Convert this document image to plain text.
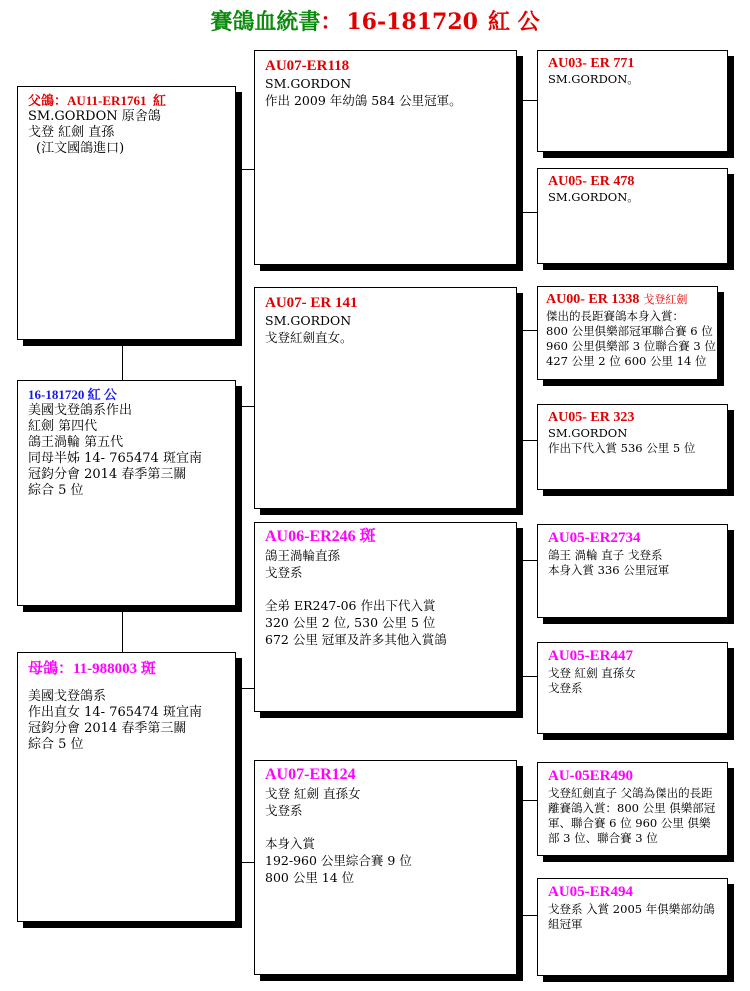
賽鴿血統書： 16-181720 紅 公
父鴿：AU11-ER1761 紅
SM.GORDON 原舍鴿
戈登 紅劍 直孫
(江文國鴿進口)
16-181720 紅 公
美國戈登鴿系作出
紅劍 第四代
鴿王渦輪 第五代
同母半姊 14- 765474 斑宜南
冠鈞分會 2014 春季第三關
綜合 5 位
母鴿：11-988003 斑
美國戈登鴿系
作出直女 14- 765474 斑宜南
冠鈞分會 2014 春季第三關
綜合 5 位
AU07-ER118
SM.GORDON
作出 2009 年幼鴿 584 公里冠軍。
AU07- ER 141
SM.GORDON
戈登紅劍直女。
AU06-ER246 斑
鴿王渦輪直孫
戈登系
全弟 ER247-06 作出下代入賞
320 公里 2 位, 530 公里 5 位
672 公里 冠軍及許多其他入賞鴿
AU07-ER124
戈登 紅劍 直孫女
戈登系
本身入賞
192-960 公里綜合賽 9 位
800 公里 14 位
AU03- ER 771
SM.GORDON。
AU05- ER 478
SM.GORDON。
AU00- ER 1338 戈登紅劍
傑出的長距賽鴿本身入賞：
800 公里俱樂部冠軍聯合賽 6 位
960 公里俱樂部 3 位聯合賽 3 位
427 公里 2 位 600 公里 14 位
AU05- ER 323
SM.GORDON
作出下代入賞 536 公里 5 位
AU05-ER2734
鴿王 渦輪 直子 戈登系
本身入賞 336 公里冠軍
AU05-ER447
戈登 紅劍 直孫女
戈登系
AU-05ER490
戈登紅劍直子 父鴿為傑出的長距離賽鴿入賞：800 公里 俱樂部冠軍、聯合賽 6 位 960 公里 俱樂部 3 位、聯合賽 3 位
AU05-ER494
戈登系 入賞 2005 年俱樂部幼鴿組冠軍
